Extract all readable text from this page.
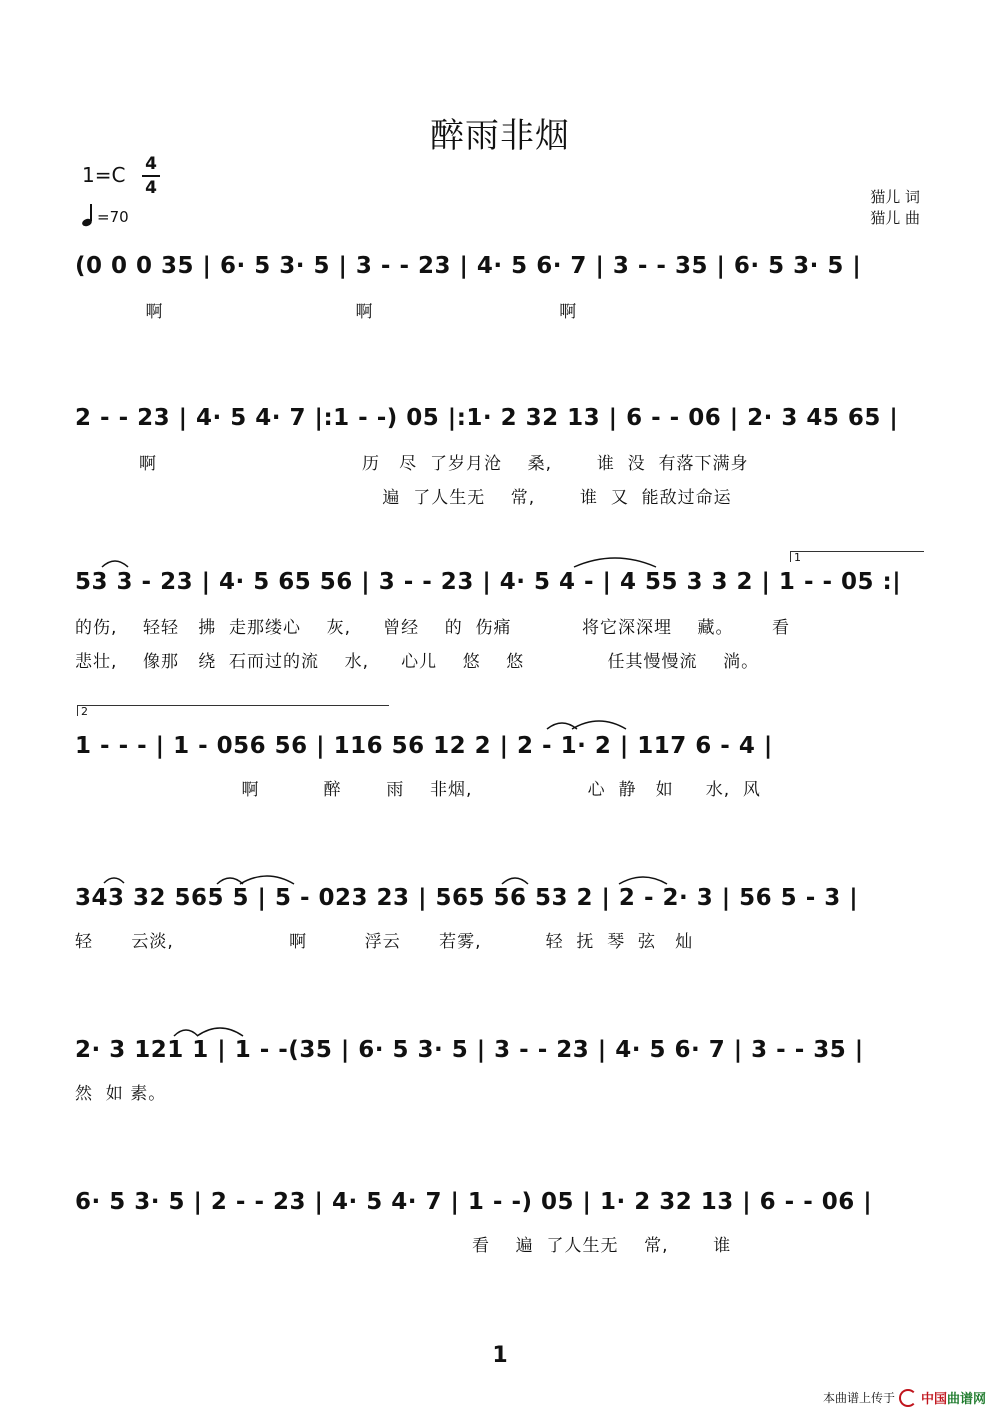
醉雨非烟
1=C 4
4
=70
猫儿 词
猫儿 曲
(0 0 0 35 | 6· 5 3· 5 | 3 - - 23 | 4· 5 6· 7 | 3 - - 35 | 6· 5 3· 5 |
啊                              啊                             啊
2 - - 23 | 4· 5 4· 7 |:1 - -) 05 |:1· 2 32 13 | 6 - - 06 | 2· 3 45 65 |
啊                                历   尽  了岁月沧    桑,       谁  没  有落下满身
遍  了人生无    常,       谁  又  能敌过命运
1
53 3 - 23 | 4· 5 65 56 | 3 - - 23 | 4· 5 4 - | 4 55 3 3 2 | 1 - - 05 :|
的伤,    轻轻   拂  走那缕心    灰,     曾经    的  伤痛           将它深深埋    藏。      看
悲壮,    像那   绕  石而过的流    水,     心儿    悠    悠             任其慢慢流    淌。
2
1 - - - | 1 - 056 56 | 116 56 12 2 | 2 - 1· 2 | 117 6 - 4 |
啊          醉       雨    非烟,                  心  静   如     水,  风
343 32 565 5 | 5 - 023 23 | 565 56 53 2 | 2 - 2· 3 | 56 5 - 3 |
轻      云淡,                  啊         浮云      若雾,          轻  抚  琴  弦   灿
2· 3 121 1 | 1 - -(35 | 6· 5 3· 5 | 3 - - 23 | 4· 5 6· 7 | 3 - - 35 |
然  如 素。
6· 5 3· 5 | 2 - - 23 | 4· 5 4· 7 | 1 - -) 05 | 1· 2 32 13 | 6 - - 06 |
看    遍  了人生无    常,       谁
1
本曲谱上传于 中国曲谱网
